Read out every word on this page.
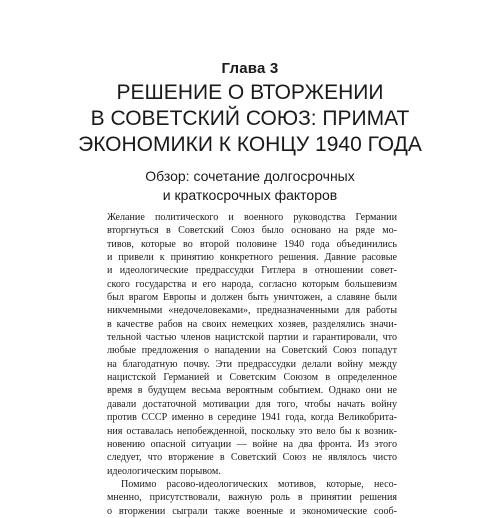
Глава 3
РЕШЕНИЕ О ВТОРЖЕНИИ
В СОВЕТСКИЙ СОЮЗ: ПРИМАТ
ЭКОНОМИКИ К КОНЦУ 1940 ГОДА
Обзор: сочетание долгосрочных
и краткосрочных факторов
Желание политического и военного руководства Германии
вторгнуться в Советский Союз было основано на ряде мо-
тивов, которые во второй половине 1940 года объединились
и привели к принятию конкретного решения. Давние расовые
и идеологические предрассудки Гитлера в отношении совет-
ского государства и его народа, согласно которым большевизм
был врагом Европы и должен быть уничтожен, а славяне были
никчемными «недочеловеками», предназначенными для работы
в качестве рабов на своих немецких хозяев, разделялись значи-
тельной частью членов нацистской партии и гарантировали, что
любые предложения о нападении на Советский Союз попадут
на благодатную почву. Эти предрассудки делали войну между
нацистской Германией и Советским Союзом в определенное
время в будущем весьма вероятным событием. Однако они не
давали достаточной мотивации для того, чтобы начать войну
против СССР именно в середине 1941 года, когда Великобрита-
ния оставалась непобежденной, поскольку это вело бы к возник-
новению опасной ситуации — войне на два фронта. Из этого
следует, что вторжение в Советский Союз не являлось чисто
идеологическим порывом.
Помимо расово-идеологических мотивов, которые, несо-
мненно, присутствовали, важную роль в принятии решения
о вторжении сыграли также военные и экономические сооб-
